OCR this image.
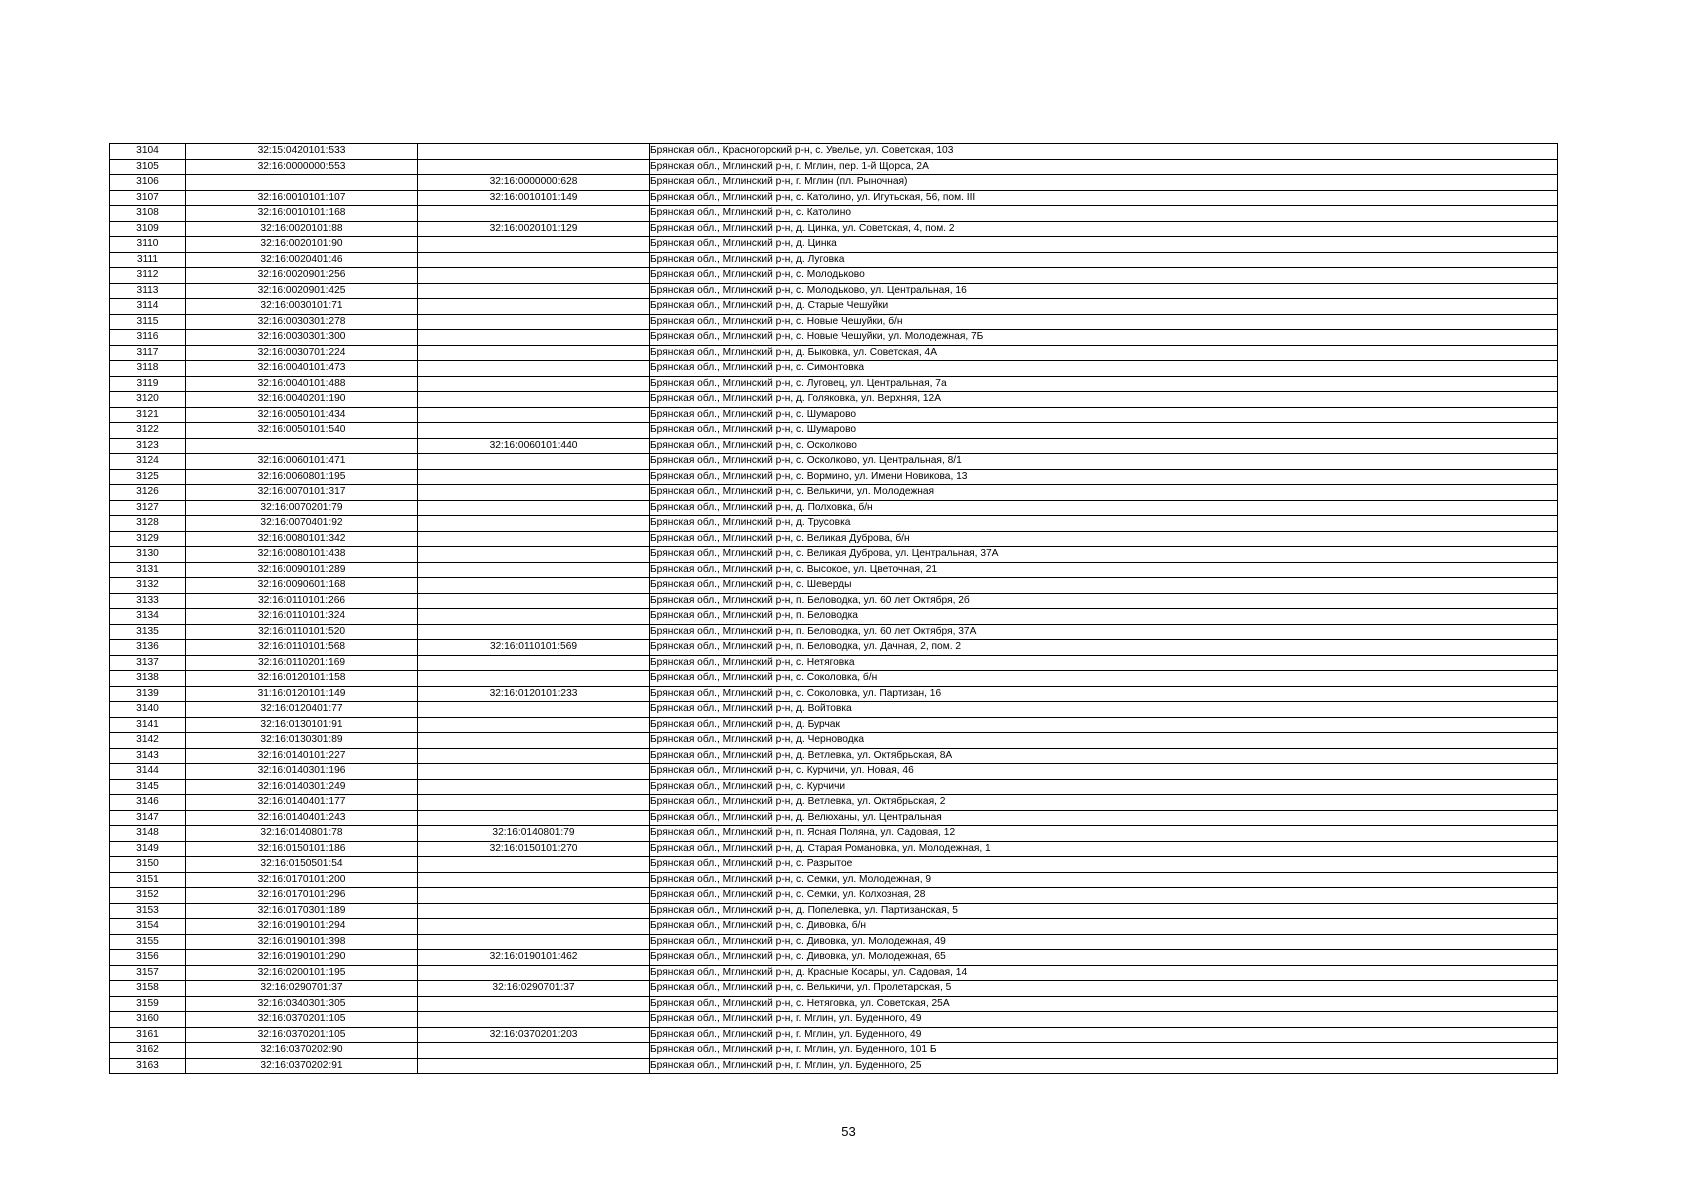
3104	32:15:0420101:533		Брянская обл., Красногорский р-н, с. Увелье, ул. Советская, 103
3105	32:16:0000000:553		Брянская обл., Мглинский р-н, г. Мглин, пер. 1-й Щорса, 2А
3106		32:16:0000000:628	Брянская обл., Мглинский р-н, г. Мглин (пл. Рыночная)
3107	32:16:0010101:107	32:16:0010101:149	Брянская обл., Мглинский р-н, с. Католино, ул. Игутьская, 56, пом. III
3108	32:16:0010101:168		Брянская обл., Мглинский р-н, с. Католино
3109	32:16:0020101:88	32:16:0020101:129	Брянская обл., Мглинский р-н, д. Цинка, ул. Советская, 4, пом. 2
3110	32:16:0020101:90		Брянская обл., Мглинский р-н, д. Цинка
3111	32:16:0020401:46		Брянская обл., Мглинский р-н, д. Луговка
3112	32:16:0020901:256		Брянская обл., Мглинский р-н, с. Молодьково
3113	32:16:0020901:425		Брянская обл., Мглинский р-н, с. Молодьково, ул. Центральная, 16
3114	32:16:0030101:71		Брянская обл., Мглинский р-н, д. Старые Чешуйки
3115	32:16:0030301:278		Брянская обл., Мглинский р-н, с. Новые Чешуйки, б/н
3116	32:16:0030301:300		Брянская обл., Мглинский р-н, с. Новые Чешуйки, ул. Молодежная, 7Б
3117	32:16:0030701:224		Брянская обл., Мглинский р-н, д. Быковка, ул. Советская, 4А
3118	32:16:0040101:473		Брянская обл., Мглинский р-н, с. Симонтовка
3119	32:16:0040101:488		Брянская обл., Мглинский р-н, с. Луговец, ул. Центральная, 7а
3120	32:16:0040201:190		Брянская обл., Мглинский р-н, д. Голяковка, ул. Верхняя, 12А
3121	32:16:0050101:434		Брянская обл., Мглинский р-н, с. Шумарово
3122	32:16:0050101:540		Брянская обл., Мглинский р-н, с. Шумарово
3123		32:16:0060101:440	Брянская обл., Мглинский р-н, с. Осколково
3124	32:16:0060101:471		Брянская обл., Мглинский р-н, с. Осколково, ул. Центральная, 8/1
3125	32:16:0060801:195		Брянская обл., Мглинский р-н, с. Вормино, ул. Имени Новикова, 13
3126	32:16:0070101:317		Брянская обл., Мглинский р-н, с. Велькичи, ул. Молодежная
3127	32:16:0070201:79		Брянская обл., Мглинский р-н, д. Полховка, б/н
3128	32:16:0070401:92		Брянская обл., Мглинский р-н, д. Трусовка
3129	32:16:0080101:342		Брянская обл., Мглинский р-н, с. Великая Дуброва, б/н
3130	32:16:0080101:438		Брянская обл., Мглинский р-н, с. Великая Дуброва, ул. Центральная, 37А
3131	32:16:0090101:289		Брянская обл., Мглинский р-н, с. Высокое, ул. Цветочная, 21
3132	32:16:0090601:168		Брянская обл., Мглинский р-н, с. Шеверды
3133	32:16:0110101:266		Брянская обл., Мглинский р-н, п. Беловодка, ул. 60 лет Октября, 2б
3134	32:16:0110101:324		Брянская обл., Мглинский р-н, п. Беловодка
3135	32:16:0110101:520		Брянская обл., Мглинский р-н, п. Беловодка, ул. 60 лет Октября, 37А
3136	32:16:0110101:568	32:16:0110101:569	Брянская обл., Мглинский р-н, п. Беловодка, ул. Дачная, 2, пом. 2
3137	32:16:0110201:169		Брянская обл., Мглинский р-н, с. Нетяговка
3138	32:16:0120101:158		Брянская обл., Мглинский р-н, с. Соколовка, б/н
3139	31:16:0120101:149	32:16:0120101:233	Брянская обл., Мглинский р-н, с. Соколовка, ул. Партизан, 16
3140	32:16:0120401:77		Брянская обл., Мглинский р-н, д. Войтовка
3141	32:16:0130101:91		Брянская обл., Мглинский р-н, д. Бурчак
3142	32:16:0130301:89		Брянская обл., Мглинский р-н, д. Черноводка
3143	32:16:0140101:227		Брянская обл., Мглинский р-н, д. Ветлевка, ул. Октябрьская, 8А
3144	32:16:0140301:196		Брянская обл., Мглинский р-н, с. Курчичи, ул. Новая, 46
3145	32:16:0140301:249		Брянская обл., Мглинский р-н, с. Курчичи
3146	32:16:0140401:177		Брянская обл., Мглинский р-н, д. Ветлевка, ул. Октябрьская, 2
3147	32:16:0140401:243		Брянская обл., Мглинский р-н, д. Велюханы, ул. Центральная
3148	32:16:0140801:78	32:16:0140801:79	Брянская обл., Мглинский р-н, п. Ясная Поляна, ул. Садовая, 12
3149	32:16:0150101:186	32:16:0150101:270	Брянская обл., Мглинский р-н, д. Старая Романовка, ул. Молодежная, 1
3150	32:16:0150501:54		Брянская обл., Мглинский р-н, с. Разрытое
3151	32:16:0170101:200		Брянская обл., Мглинский р-н, с. Семки, ул. Молодежная, 9
3152	32:16:0170101:296		Брянская обл., Мглинский р-н, с. Семки, ул. Колхозная, 28
3153	32:16:0170301:189		Брянская обл., Мглинский р-н, д. Попелевка, ул. Партизанская, 5
3154	32:16:0190101:294		Брянская обл., Мглинский р-н, с. Дивовка, б/н
3155	32:16:0190101:398		Брянская обл., Мглинский р-н, с. Дивовка, ул. Молодежная, 49
3156	32:16:0190101:290	32:16:0190101:462	Брянская обл., Мглинский р-н, с. Дивовка, ул. Молодежная, 65
3157	32:16:0200101:195		Брянская обл., Мглинский р-н, д. Красные Косары, ул. Садовая, 14
3158	32:16:0290701:37	32:16:0290701:37	Брянская обл., Мглинский р-н, с. Велькичи, ул. Пролетарская, 5
3159	32:16:0340301:305		Брянская обл., Мглинский р-н, с. Нетяговка, ул. Советская, 25А
3160	32:16:0370201:105		Брянская обл., Мглинский р-н, г. Мглин, ул. Буденного, 49
3161	32:16:0370201:105	32:16:0370201:203	Брянская обл., Мглинский р-н, г. Мглин, ул. Буденного, 49
3162	32:16:0370202:90		Брянская обл., Мглинский р-н, г. Мглин, ул. Буденного, 101 Б
3163	32:16:0370202:91		Брянская обл., Мглинский р-н, г. Мглин, ул. Буденного, 25
53
